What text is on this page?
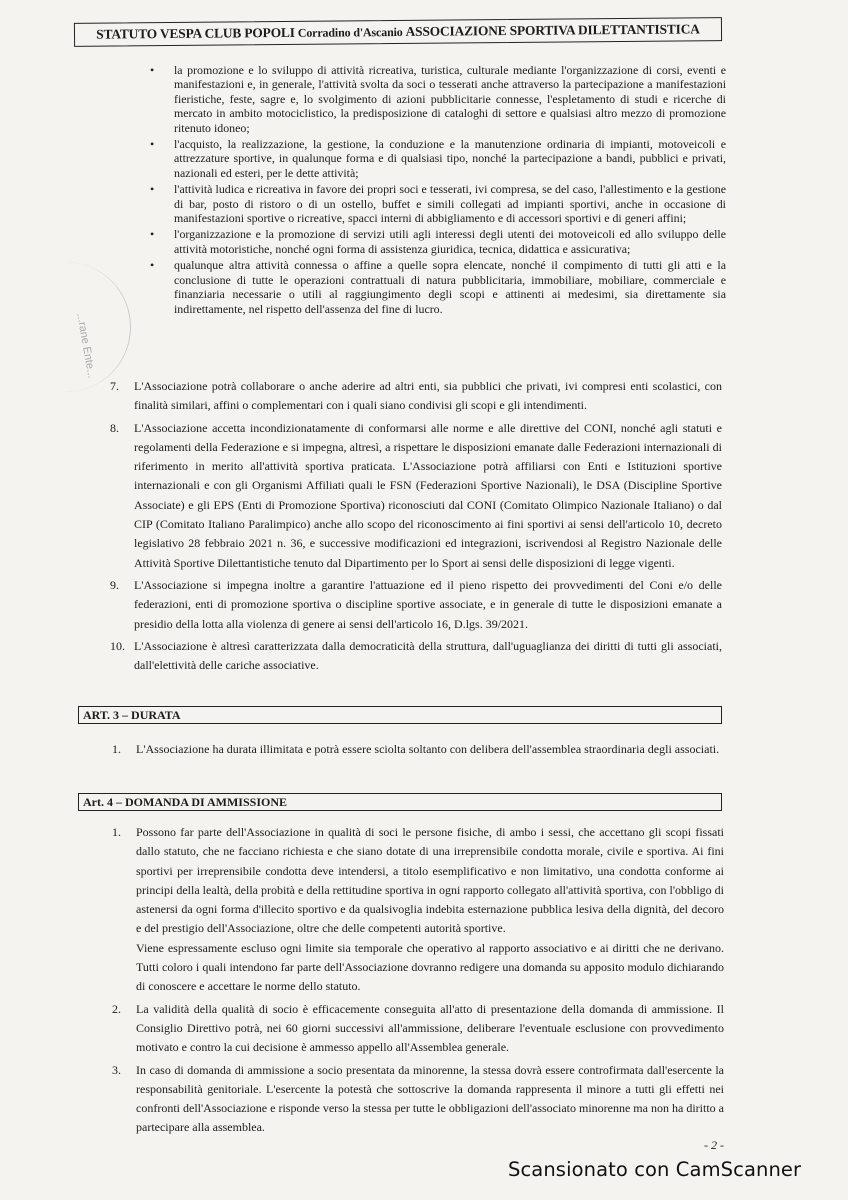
STATUTO VESPA CLUB POPOLI Corradino d'Ascanio ASSOCIAZIONE SPORTIVA DILETTANTISTICA
...rane Ente...
• la promozione e lo sviluppo di attività ricreativa, turistica, culturale mediante l'organizzazione di corsi, eventi e manifestazioni e, in generale, l'attività svolta da soci o tesserati anche attraverso la partecipazione a manifestazioni fieristiche, feste, sagre e, lo svolgimento di azioni pubblicitarie connesse, l'espletamento di studi e ricerche di mercato in ambito motociclistico, la predisposizione di cataloghi di settore e qualsiasi altro mezzo di promozione ritenuto idoneo;
• l'acquisto, la realizzazione, la gestione, la conduzione e la manutenzione ordinaria di impianti, motoveicoli e attrezzature sportive, in qualunque forma e di qualsiasi tipo, nonché la partecipazione a bandi, pubblici e privati, nazionali ed esteri, per le dette attività;
• l'attività ludica e ricreativa in favore dei propri soci e tesserati, ivi compresa, se del caso, l'allestimento e la gestione di bar, posto di ristoro o di un ostello, buffet e simili collegati ad impianti sportivi, anche in occasione di manifestazioni sportive o ricreative, spacci interni di abbigliamento e di accessori sportivi e di generi affini;
• l'organizzazione e la promozione di servizi utili agli interessi degli utenti dei motoveicoli ed allo sviluppo delle attività motoristiche, nonché ogni forma di assistenza giuridica, tecnica, didattica e assicurativa;
• qualunque altra attività connessa o affine a quelle sopra elencate, nonché il compimento di tutti gli atti e la conclusione di tutte le operazioni contrattuali di natura pubblicitaria, immobiliare, mobiliare, commerciale e finanziaria necessarie o utili al raggiungimento degli scopi e attinenti ai medesimi, sia direttamente sia indirettamente, nel rispetto dell'assenza del fine di lucro.
7. L'Associazione potrà collaborare o anche aderire ad altri enti, sia pubblici che privati, ivi compresi enti scolastici, con finalità similari, affini o complementari con i quali siano condivisi gli scopi e gli intendimenti.
8. L'Associazione accetta incondizionatamente di conformarsi alle norme e alle direttive del CONI, nonché agli statuti e regolamenti della Federazione e si impegna, altresì, a rispettare le disposizioni emanate dalle Federazioni internazionali di riferimento in merito all'attività sportiva praticata. L'Associazione potrà affiliarsi con Enti e Istituzioni sportive internazionali e con gli Organismi Affiliati quali le FSN (Federazioni Sportive Nazionali), le DSA (Discipline Sportive Associate) e gli EPS (Enti di Promozione Sportiva) riconosciuti dal CONI (Comitato Olimpico Nazionale Italiano) o dal CIP (Comitato Italiano Paralimpico) anche allo scopo del riconoscimento ai fini sportivi ai sensi dell'articolo 10, decreto legislativo 28 febbraio 2021 n. 36, e successive modificazioni ed integrazioni, iscrivendosi al Registro Nazionale delle Attività Sportive Dilettantistiche tenuto dal Dipartimento per lo Sport ai sensi delle disposizioni di legge vigenti.
9. L'Associazione si impegna inoltre a garantire l'attuazione ed il pieno rispetto dei provvedimenti del Coni e/o delle federazioni, enti di promozione sportiva o discipline sportive associate, e in generale di tutte le disposizioni emanate a presidio della lotta alla violenza di genere ai sensi dell'articolo 16, D.lgs. 39/2021.
10. L'Associazione è altresì caratterizzata dalla democraticità della struttura, dall'uguaglianza dei diritti di tutti gli associati, dall'elettività delle cariche associative.
ART. 3 – DURATA
1. L'Associazione ha durata illimitata e potrà essere sciolta soltanto con delibera dell'assemblea straordinaria degli associati.
Art. 4 – DOMANDA DI AMMISSIONE
1. Possono far parte dell'Associazione in qualità di soci le persone fisiche, di ambo i sessi, che accettano gli scopi fissati dallo statuto, che ne facciano richiesta e che siano dotate di una irreprensibile condotta morale, civile e sportiva. Ai fini sportivi per irreprensibile condotta deve intendersi, a titolo esemplificativo e non limitativo, una condotta conforme ai principi della lealtà, della probità e della rettitudine sportiva in ogni rapporto collegato all'attività sportiva, con l'obbligo di astenersi da ogni forma d'illecito sportivo e da qualsivoglia indebita esternazione pubblica lesiva della dignità, del decoro e del prestigio dell'Associazione, oltre che delle competenti autorità sportive.
Viene espressamente escluso ogni limite sia temporale che operativo al rapporto associativo e ai diritti che ne derivano. Tutti coloro i quali intendono far parte dell'Associazione dovranno redigere una domanda su apposito modulo dichiarando di conoscere e accettare le norme dello statuto.
2. La validità della qualità di socio è efficacemente conseguita all'atto di presentazione della domanda di ammissione. Il Consiglio Direttivo potrà, nei 60 giorni successivi all'ammissione, deliberare l'eventuale esclusione con provvedimento motivato e contro la cui decisione è ammesso appello all'Assemblea generale.
3. In caso di domanda di ammissione a socio presentata da minorenne, la stessa dovrà essere controfirmata dall'esercente la responsabilità genitoriale. L'esercente la potestà che sottoscrive la domanda rappresenta il minore a tutti gli effetti nei confronti dell'Associazione e risponde verso la stessa per tutte le obbligazioni dell'associato minorenne ma non ha diritto a partecipare alla assemblea.
- 2 -
Scansionato con CamScanner
